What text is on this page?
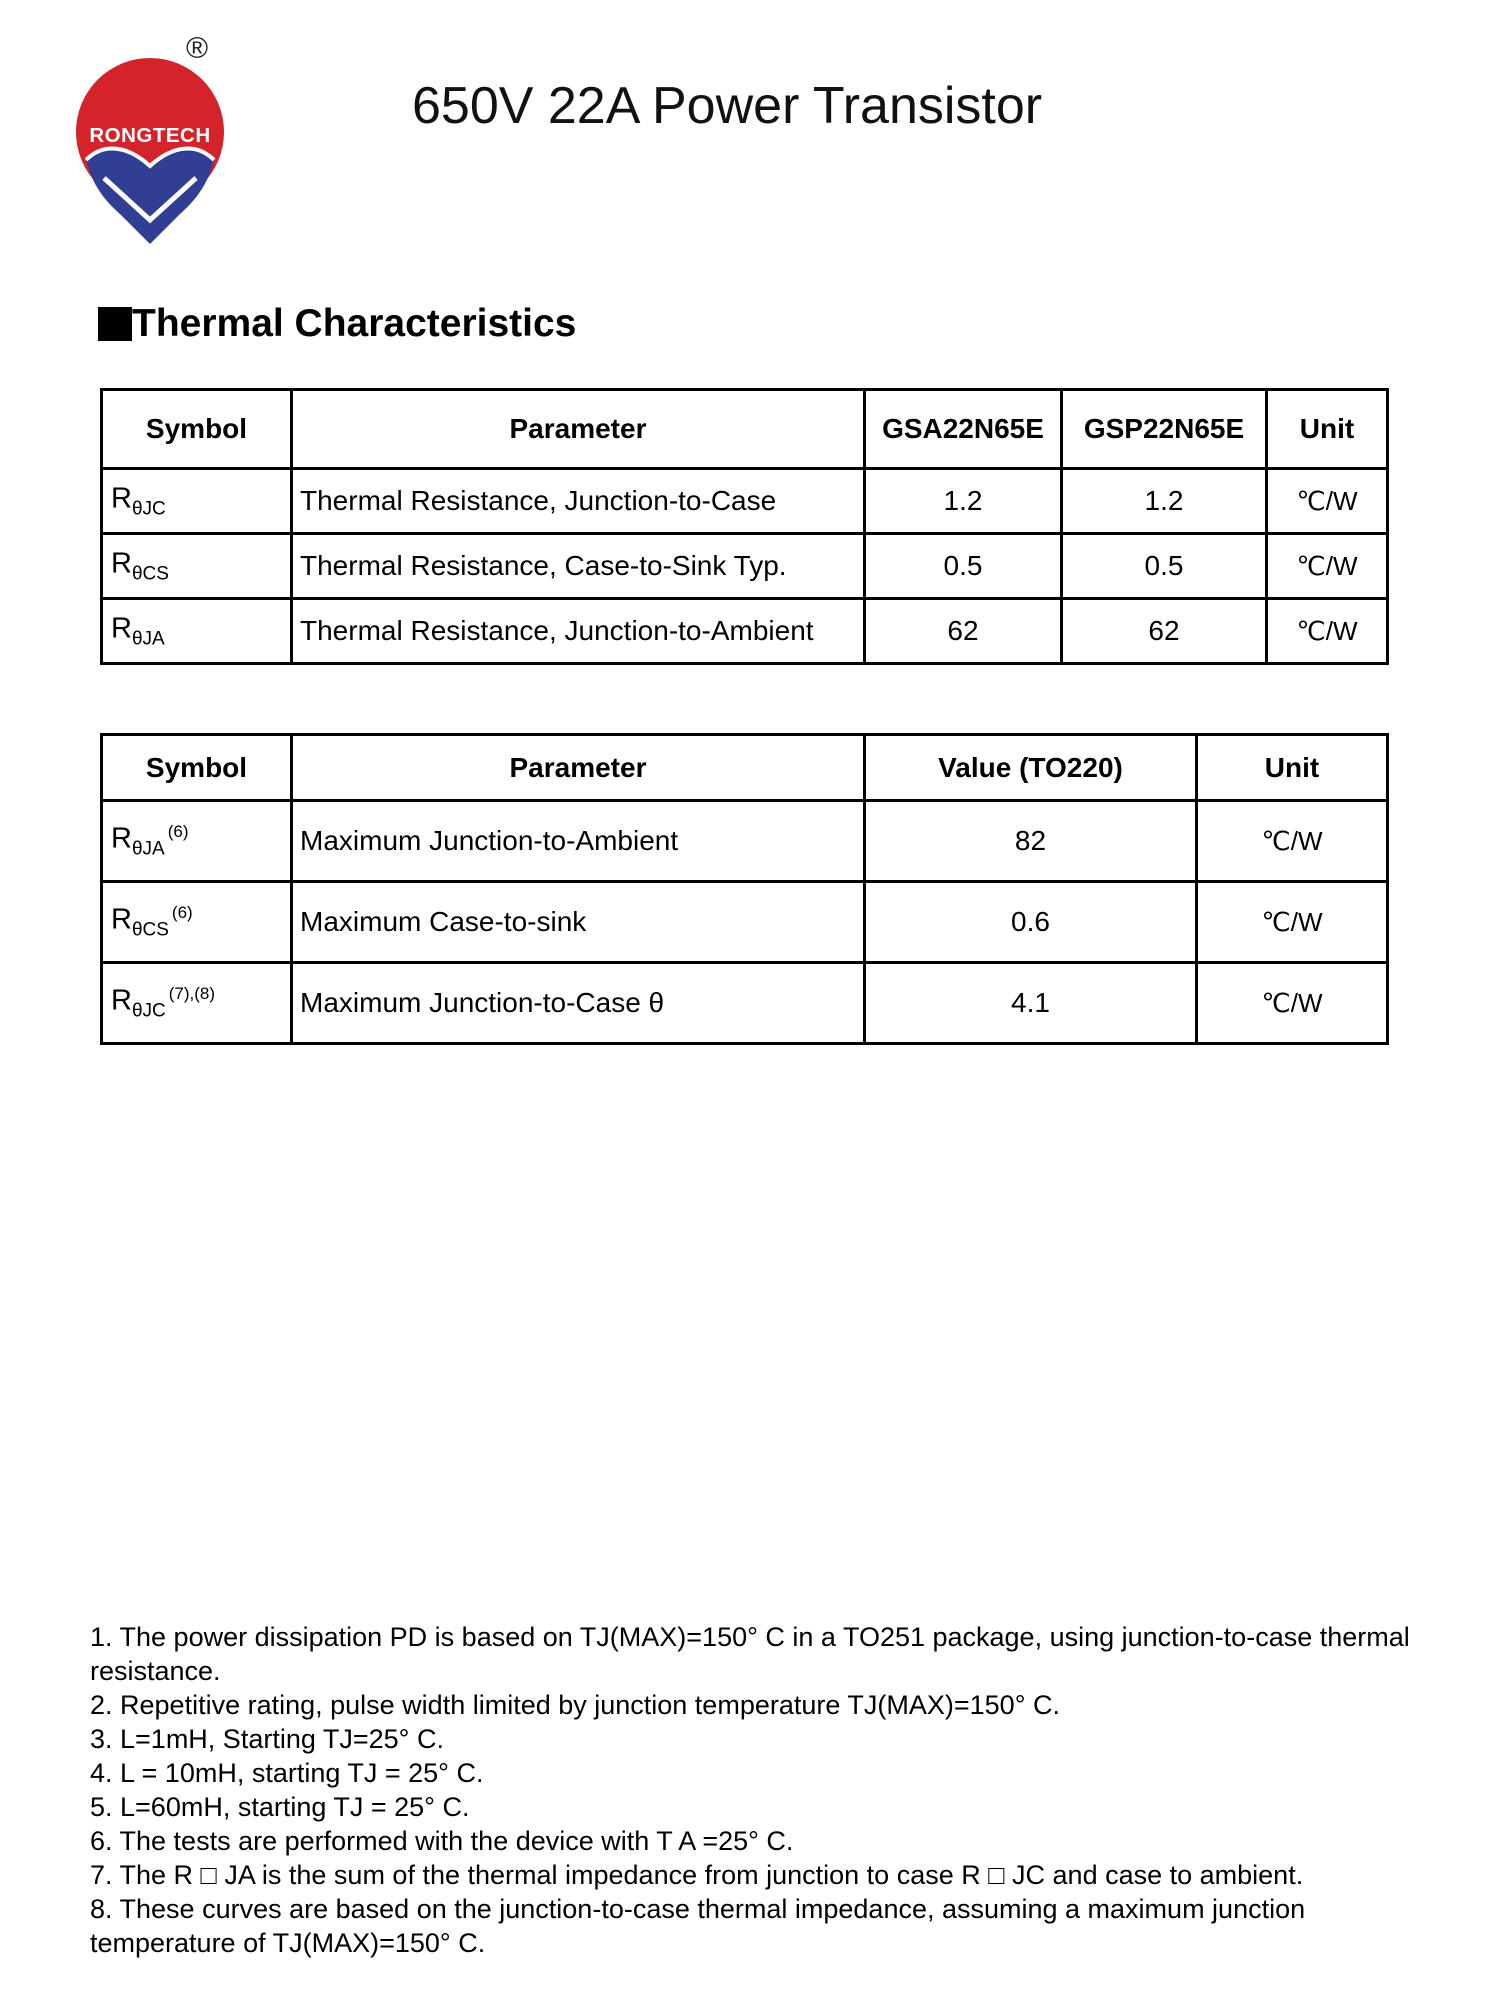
RONGTECH
®
650V 22A Power Transistor
Thermal Characteristics
Symbol	Parameter	GSA22N65E	GSP22N65E	Unit
$R_{\theta JC}$	Thermal Resistance, Junction-to-Case	1.2	1.2	℃/W
$R_{\theta CS}$	Thermal Resistance, Case-to-Sink Typ.	0.5	0.5	℃/W
$R_{\theta JA}$	Thermal Resistance, Junction-to-Ambient	62	62	℃/W
Symbol	Parameter	Value (TO220)	Unit
$R_{\theta JA}^{(6)}$	Maximum Junction-to-Ambient	82	℃/W
$R_{\theta CS}^{(6)}$	Maximum Case-to-sink	0.6	℃/W
$R_{\theta JC}^{(7),(8)}$	Maximum Junction-to-Case θ	4.1	℃/W

1. The power dissipation PD is based on TJ(MAX)=150° C in a TO251 package, using junction-to-case thermal resistance.

2. Repetitive rating, pulse width limited by junction temperature TJ(MAX)=150° C.

3. L=1mH, Starting TJ=25° C.

4. L = 10mH, starting TJ = 25° C.

5. L=60mH, starting TJ = 25° C.

6. The tests are performed with the device with T A =25° C.

7. The R □ JA is the sum of the thermal impedance from junction to case R □ JC and case to ambient.

8. These curves are based on the junction-to-case thermal impedance, assuming a maximum junction temperature of TJ(MAX)=150° C.
